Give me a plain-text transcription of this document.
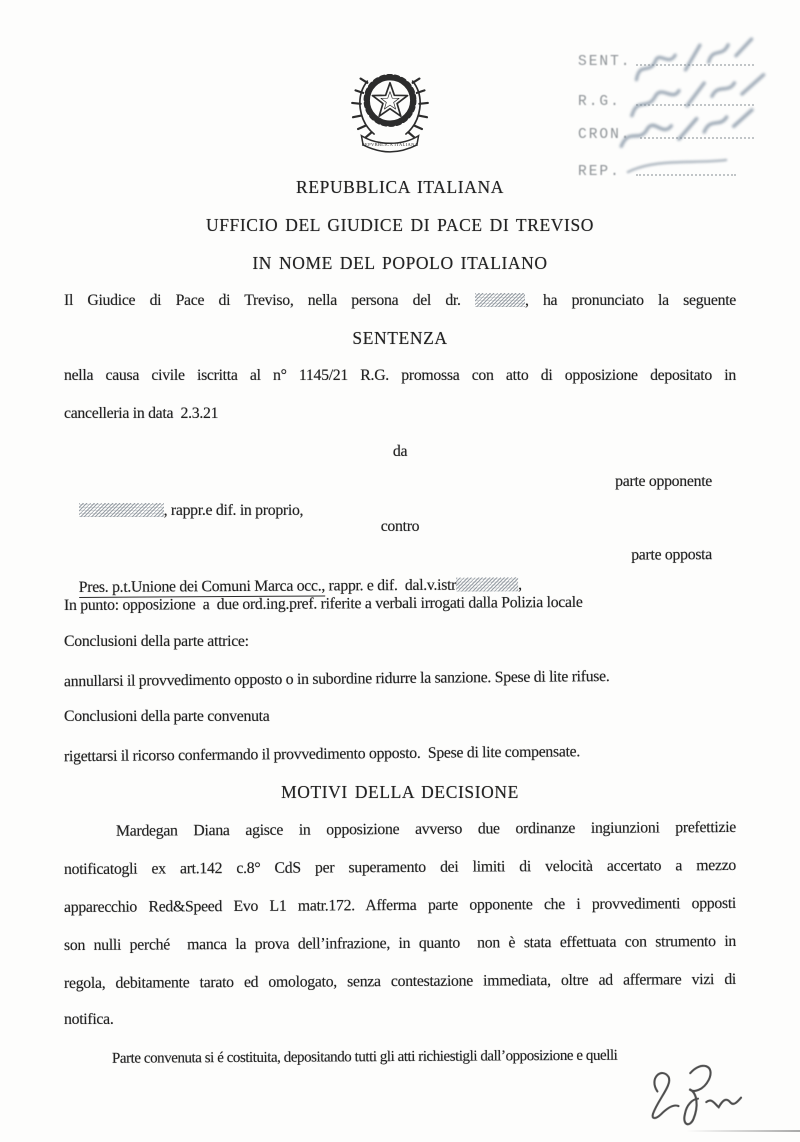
REPVBBLICA ITALIANA
SENT.
R.G.
CRON.
REP.
REPUBBLICA ITALIANA
UFFICIO DEL GIUDICE DI PACE DI TREVISO
IN NOME DEL POPOLO ITALIANO
Il Giudice di Pace di Treviso, nella persona del dr.	, ha pronunciato la seguente
SENTENZA
nella causa civile iscritta al n° 1145/21 R.G. promossa con atto di opposizione depositato in
cancelleria in data  2.3.21
da

, rappr.e dif. in proprio,

parte opponente

contro

Pres. p.t.Unione dei Comuni Marca occ., rappr. e dif.  dal.v.istr	,

parte opposta

In punto: opposizione  a  due ord.ing.pref. riferite a verbali irrogati dalla Polizia locale
Conclusioni della parte attrice:
annullarsi il provvedimento opposto o in subordine ridurre la sanzione. Spese di lite rifuse.
Conclusioni della parte convenuta
rigettarsi il ricorso confermando il provvedimento opposto.  Spese di lite compensate.
MOTIVI DELLA DECISIONE
Mardegan Diana agisce in opposizione avverso due ordinanze ingiunzioni prefettizie
notificatogli ex art.142 c.8° CdS per superamento dei limiti di velocità accertato a mezzo
apparecchio Red&Speed Evo L1 matr.172. Afferma parte opponente che i provvedimenti opposti
son nulli perché  manca la prova dell’infrazione, in quanto  non è stata effettuata con strumento in
regola, debitamente tarato ed omologato, senza contestazione immediata, oltre ad affermare vizi di
notifica.
Parte convenuta si é costituita, depositando tutti gli atti richiestigli dall’opposizione e quelli
